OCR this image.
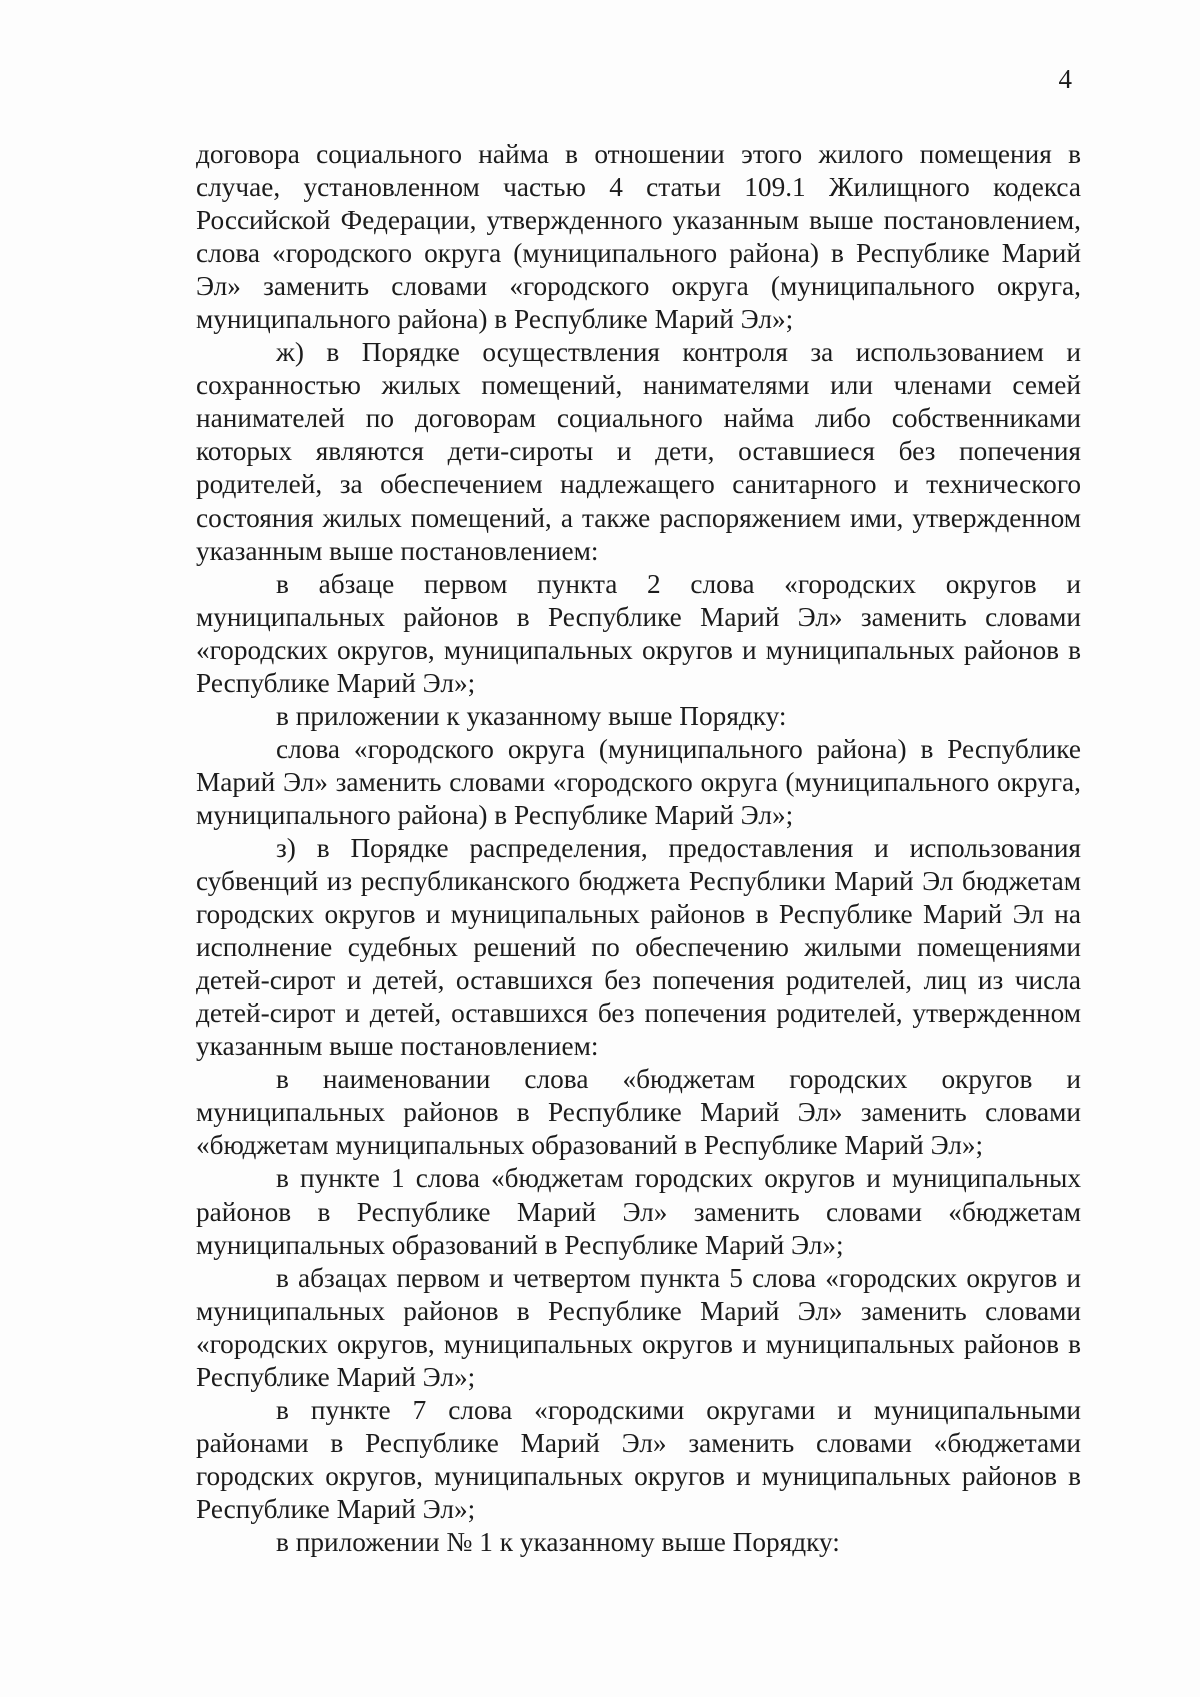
4

договора социального найма в отношении этого жилого помещения в случае, установленном частью 4 статьи 109.1 Жилищного кодекса Российской Федерации, утвержденного указанным выше постановлением, слова «городского округа (муниципального района) в Республике Марий Эл» заменить словами «городского округа (муниципального округа, муниципального района) в Республике Марий Эл»;

ж) в Порядке осуществления контроля за использованием и сохранностью жилых помещений, нанимателями или членами семей нанимателей по договорам социального найма либо собственниками которых являются дети-сироты и дети, оставшиеся без попечения родителей, за обеспечением надлежащего санитарного и технического состояния жилых помещений, а также распоряжением ими, утвержденном указанным выше постановлением:

в абзаце первом пункта 2 слова «городских округов и муниципальных районов в Республике Марий Эл» заменить словами «городских округов, муниципальных округов и муниципальных районов в Республике Марий Эл»;

в приложении к указанному выше Порядку:

слова «городского округа (муниципального района) в Республике Марий Эл» заменить словами «городского округа (муниципального округа, муниципального района) в Республике Марий Эл»;

з) в Порядке распределения, предоставления и использования субвенций из республиканского бюджета Республики Марий Эл бюджетам городских округов и муниципальных районов в Республике Марий Эл на исполнение судебных решений по обеспечению жилыми помещениями детей-сирот и детей, оставшихся без попечения родителей, лиц из числа детей-сирот и детей, оставшихся без попечения родителей, утвержденном указанным выше постановлением:

в наименовании слова «бюджетам городских округов и муниципальных районов в Республике Марий Эл» заменить словами «бюджетам муниципальных образований в Республике Марий Эл»;

в пункте 1 слова «бюджетам городских округов и муниципальных районов в Республике Марий Эл» заменить словами «бюджетам муниципальных образований в Республике Марий Эл»;

в абзацах первом и четвертом пункта 5 слова «городских округов и муниципальных районов в Республике Марий Эл» заменить словами «городских округов, муниципальных округов и муниципальных районов в Республике Марий Эл»;

в пункте 7 слова «городскими округами и муниципальными районами в Республике Марий Эл» заменить словами «бюджетами городских округов, муниципальных округов и муниципальных районов в Республике Марий Эл»;

в приложении № 1 к указанному выше Порядку:
